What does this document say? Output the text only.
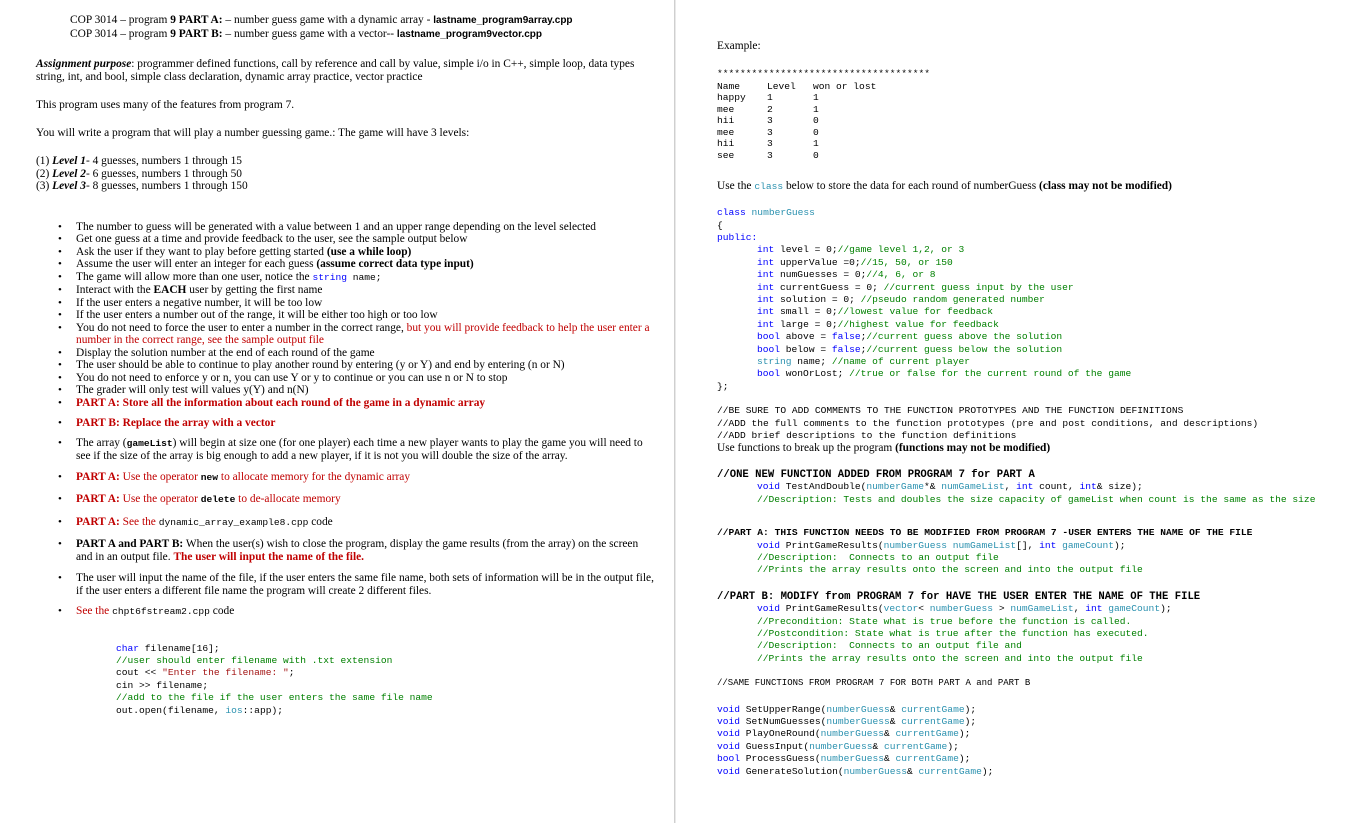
COP 3014 – program 9 PART A: – number guess game with a dynamic array - lastname_program9array.cpp
COP 3014 – program 9 PART B: – number guess game with a vector-- lastname_program9vector.cpp

Assignment purpose: programmer defined functions, call by reference and call by value, simple i/o in C++, simple loop, data types string, int, and bool, simple class declaration, dynamic array practice, vector practice

This program uses many of the features from program 7.

You will write a program that will play a number guessing game.: The game will have 3 levels:

(1) Level 1- 4 guesses, numbers 1 through 15
(2) Level 2- 6 guesses, numbers 1 through 50
(3) Level 3- 8 guesses, numbers 1 through 150
• The number to guess will be generated with a value between 1 and an upper range depending on the level selected
• Get one guess at a time and provide feedback to the user, see the sample output below
• Ask the user if they want to play before getting started (use a while loop)
• Assume the user will enter an integer for each guess (assume correct data type input)
• The game will allow more than one user, notice the string name;
• Interact with the EACH user by getting the first name
• If the user enters a negative number, it will be too low
• If the user enters a number out of the range, it will be either too high or too low
• You do not need to force the user to enter a number in the correct range, but you will provide feedback to help the user enter a number in the correct range, see the sample output file
• Display the solution number at the end of each round of the game
• The user should be able to continue to play another round by entering (y or Y) and end by entering (n or N)
• You do not need to enforce y or n, you can use Y or y to continue or you can use n or N to stop
• The grader will only test will values y(Y) and n(N)
• PART A: Store all the information about each round of the game in a dynamic array
• PART B: Replace the array with a vector
• The array (gameList) will begin at size one (for one player) each time a new player wants to play the game you will need to see if the size of the array is big enough to add a new player, if it is not you will double the size of the array.
• PART A: Use the operator new to allocate memory for the dynamic array
• PART A: Use the operator delete to de-allocate memory
• PART A: See the dynamic_array_example8.cpp code
• PART A and PART B: When the user(s) wish to close the program, display the game results (from the array) on the screen and in an output file. The user will input the name of the file.
• The user will input the name of the file, if the user enters the same file name, both sets of information will be in the output file, if the user enters a different file name the program will create 2 different files.
• See the chpt6fstream2.cpp code
char filename[16];
//user should enter filename with .txt extension
cout << "Enter the filename: ";
cin >> filename;
//add to the file if the user enters the same file name
out.open(filename, ios::app);
Example:
*************************************
Name	Level	won or lost
happy	1	1
mee	2	1
hii	3	0
mee	3	0
hii	3	1
see	3	0
Use the class below to store the data for each round of numberGuess (class may not be modified)
class numberGuess
{
public:
int level = 0;//game level 1,2, or 3
int upperValue =0;//15, 50, or 150
int numGuesses = 0;//4, 6, or 8
int currentGuess = 0; //current guess input by the user
int solution = 0; //pseudo random generated number
int small = 0;//lowest value for feedback
int large = 0;//highest value for feedback
bool above = false;//current guess above the solution
bool below = false;//current guess below the solution
string name; //name of current player
bool wonOrLost; //true or false for the current round of the game
};
//BE SURE TO ADD COMMENTS TO THE FUNCTION PROTOTYPES AND THE FUNCTION DEFINITIONS
//ADD the full comments to the function prototypes (pre and post conditions, and descriptions)
//ADD brief descriptions to the function definitions
Use functions to break up the program (functions may not be modified)
//ONE NEW FUNCTION ADDED FROM PROGRAM 7 for PART A
void TestAndDouble(numberGame*& numGameList, int count, int& size);
//Description: Tests and doubles the size capacity of gameList when count is the same as the size
//PART A: THIS FUNCTION NEEDS TO BE MODIFIED FROM PROGRAM 7 -USER ENTERS THE NAME OF THE FILE
void PrintGameResults(numberGuess numGameList[], int gameCount);
//Description:  Connects to an output file
//Prints the array results onto the screen and into the output file
//PART B: MODIFY from PROGRAM 7 for HAVE THE USER ENTER THE NAME OF THE FILE
void PrintGameResults(vector< numberGuess > numGameList, int gameCount);
//Precondition: State what is true before the function is called.
//Postcondition: State what is true after the function has executed.
//Description:  Connects to an output file and
//Prints the array results onto the screen and into the output file
//SAME FUNCTIONS FROM PROGRAM 7 FOR BOTH PART A and PART B
void SetUpperRange(numberGuess& currentGame);
void SetNumGuesses(numberGuess& currentGame);
void PlayOneRound(numberGuess& currentGame);
void GuessInput(numberGuess& currentGame);
bool ProcessGuess(numberGuess& currentGame);
void GenerateSolution(numberGuess& currentGame);
